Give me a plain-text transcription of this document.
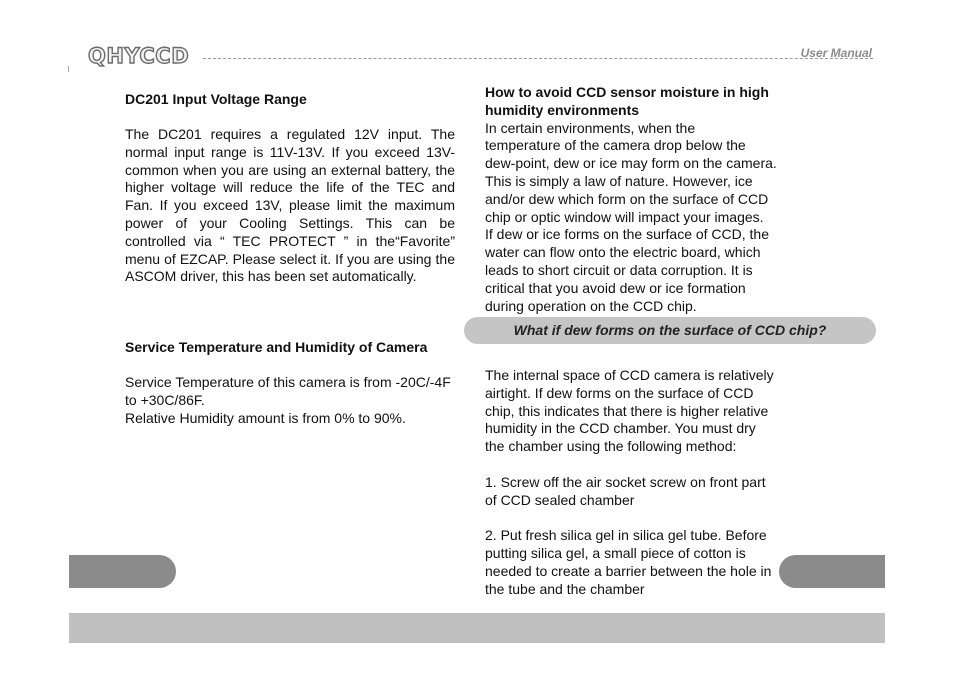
QHYCCD	User Manual

DC201 Input Voltage Range

The DC201 requires a regulated 12V input. The normal input range is 11V-13V. If you exceed 13V- common when you are using an external battery, the higher voltage will reduce the life of the TEC and Fan. If you exceed 13V, please limit the maximum power of your Cooling Settings. This can be controlled via “ TEC PROTECT ” in the“Favorite” menu of EZCAP. Please select it. If you are using the ASCOM driver, this has been set automatically.

Service Temperature and Humidity of Camera

Service Temperature of this camera is from -20C/-4F to +30C/86F.

Relative Humidity amount is from 0% to 90%.

How to avoid CCD sensor moisture in high humidity environments

In certain environments, when the
temperature of the camera drop below the
dew-point, dew or ice may form on the camera.
This is simply a law of nature. However, ice
and/or dew which form on the surface of CCD
chip or optic window will impact your images.
If dew or ice forms on the surface of CCD, the
water can flow onto the electric board, which
leads to short circuit or data corruption. It is
critical that you avoid dew or ice formation
during operation on the CCD chip.
What if dew forms on the surface of CCD chip?
The internal space of CCD camera is relatively
airtight. If dew forms on the surface of CCD
chip, this indicates that there is higher relative
humidity in the CCD chamber. You must dry
the chamber using the following method:
1. Screw off the air socket screw on front part
of CCD sealed chamber
2. Put fresh silica gel in silica gel tube. Before
putting silica gel, a small piece of cotton is
needed to create a barrier between the hole in
the tube and the chamber
